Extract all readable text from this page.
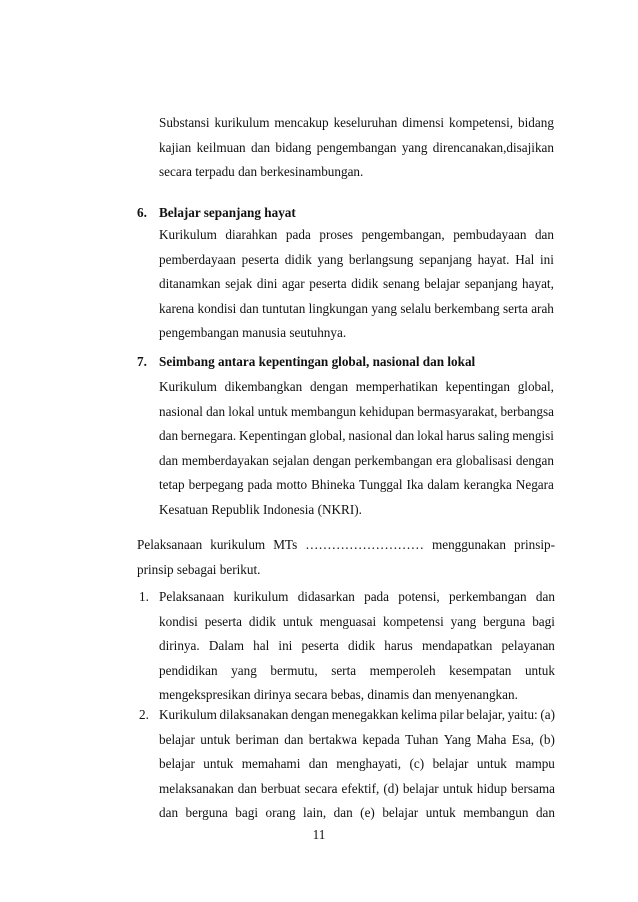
Substansi kurikulum mencakup keseluruhan dimensi kompetensi, bidang
kajian keilmuan dan bidang pengembangan yang direncanakan,disajikan
secara terpadu dan berkesinambungan.
6. Belajar sepanjang hayat
Kurikulum diarahkan pada proses pengembangan, pembudayaan dan
pemberdayaan peserta didik yang berlangsung sepanjang hayat. Hal ini
ditanamkan sejak dini agar peserta didik senang belajar sepanjang hayat,
karena kondisi dan tuntutan lingkungan yang selalu berkembang serta arah
pengembangan manusia seutuhnya.
7. Seimbang antara kepentingan global, nasional dan lokal
Kurikulum dikembangkan dengan memperhatikan kepentingan global,
nasional dan lokal untuk membangun kehidupan bermasyarakat, berbangsa
dan bernegara. Kepentingan global, nasional dan lokal harus saling mengisi
dan memberdayakan sejalan dengan perkembangan era globalisasi dengan
tetap berpegang pada motto Bhineka Tunggal Ika dalam kerangka Negara
Kesatuan Republik Indonesia (NKRI).
Pelaksanaan kurikulum MTs ……………………… menggunakan prinsip-
prinsip sebagai berikut.
1. Pelaksanaan kurikulum didasarkan pada potensi, perkembangan dan
kondisi peserta didik untuk menguasai kompetensi yang berguna bagi
dirinya. Dalam hal ini peserta didik harus mendapatkan pelayanan
pendidikan yang bermutu, serta memperoleh kesempatan untuk
mengekspresikan dirinya secara bebas, dinamis dan menyenangkan.
2. Kurikulum dilaksanakan dengan menegakkan kelima pilar belajar, yaitu: (a)
belajar untuk beriman dan bertakwa kepada Tuhan Yang Maha Esa, (b)
belajar untuk memahami dan menghayati, (c) belajar untuk mampu
melaksanakan dan berbuat secara efektif, (d) belajar untuk hidup bersama
dan berguna bagi orang lain, dan (e) belajar untuk membangun dan
11
